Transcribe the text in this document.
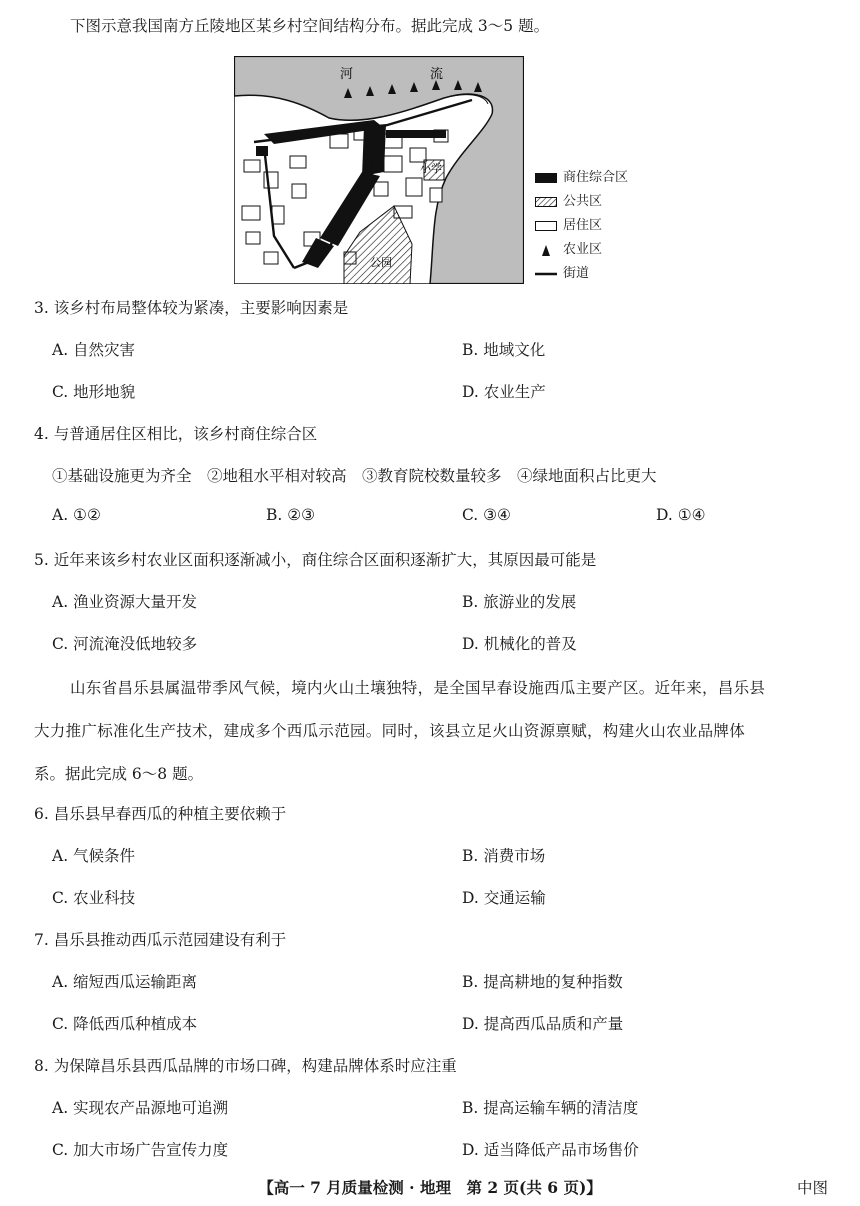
下图示意我国南方丘陵地区某乡村空间结构分布。据此完成 3～5 题。
河	流
小学
公园
商住综合区
公共区
居住区
农业区
街道
3. 该乡村布局整体较为紧凑，主要影响因素是
A. 自然灾害	B. 地域文化
C. 地形地貌	D. 农业生产
4. 与普通居住区相比，该乡村商住综合区
①基础设施更为齐全　②地租水平相对较高　③教育院校数量较多　④绿地面积占比更大
A. ①②	B. ②③	C. ③④	D. ①④
5. 近年来该乡村农业区面积逐渐减小，商住综合区面积逐渐扩大，其原因最可能是
A. 渔业资源大量开发	B. 旅游业的发展
C. 河流淹没低地较多	D. 机械化的普及
山东省昌乐县属温带季风气候，境内火山土壤独特，是全国早春设施西瓜主要产区。近年来，昌乐县
大力推广标准化生产技术，建成多个西瓜示范园。同时，该县立足火山资源禀赋，构建火山农业品牌体
系。据此完成 6～8 题。
6. 昌乐县早春西瓜的种植主要依赖于
A. 气候条件	B. 消费市场
C. 农业科技	D. 交通运输
7. 昌乐县推动西瓜示范园建设有利于
A. 缩短西瓜运输距离	B. 提高耕地的复种指数
C. 降低西瓜种植成本	D. 提高西瓜品质和产量
8. 为保障昌乐县西瓜品牌的市场口碑，构建品牌体系时应注重
A. 实现农产品源地可追溯	B. 提高运输车辆的清洁度
C. 加大市场广告宣传力度	D. 适当降低产品市场售价
【高一 7 月质量检测 · 地理　第 2 页(共 6 页)】	中图
